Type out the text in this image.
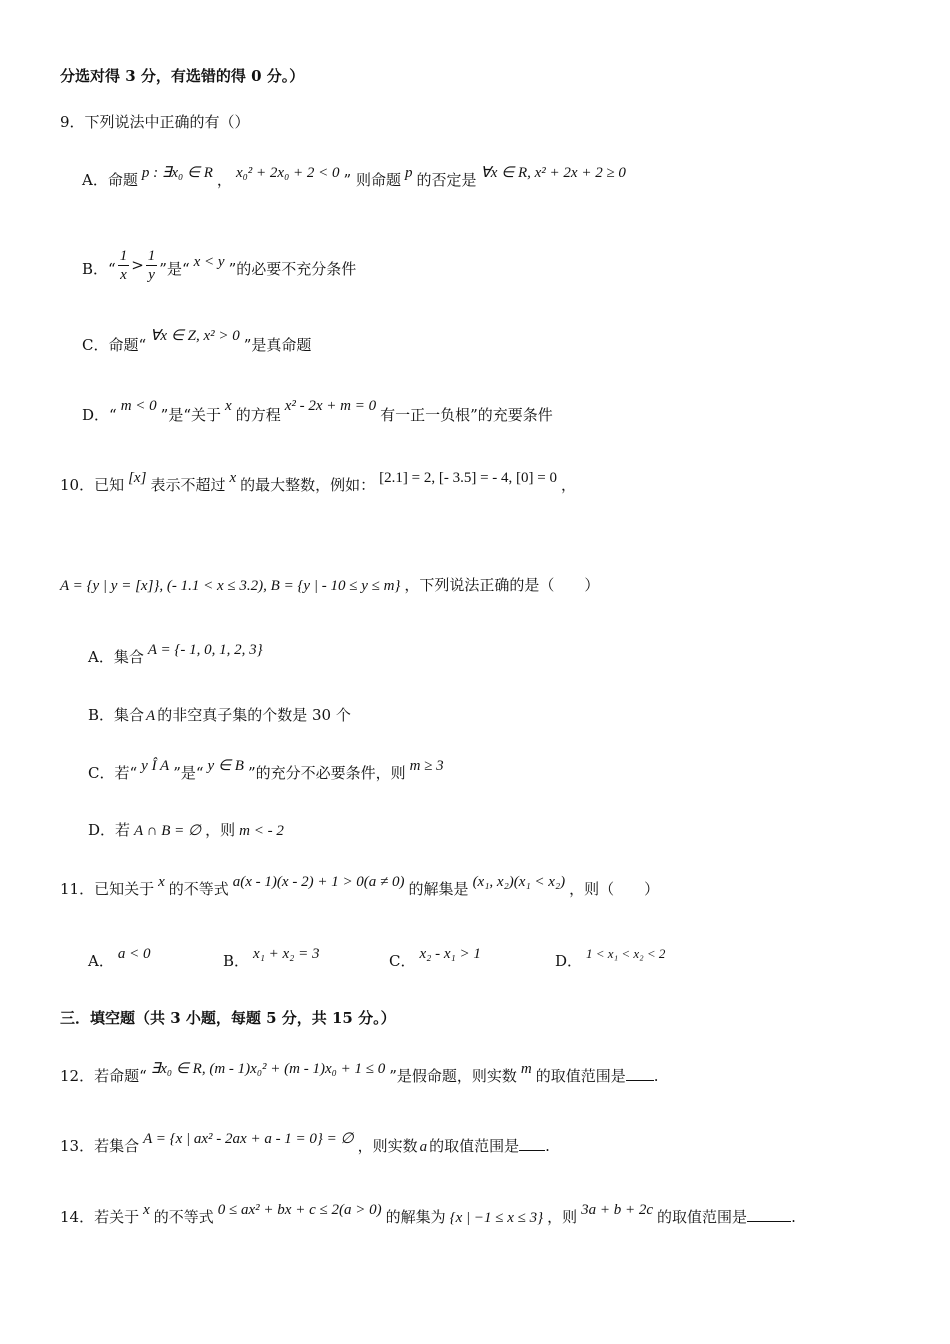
分选对得 3 分，有选错的得 0 分。）
9．下列说法中正确的有（）
A．命题 p : ∃x₀ ∈ R ， x₀² + 2x₀ + 2 < 0 ” 则命题 p 的否定是 ∀x ∈ R, x² + 2x + 2 ≥ 0
B．“ $\frac{1}{x} > \frac{1}{y}$ ”是“ x < y ”的必要不充分条件
C．命题“ ∀x ∈ Z, x² > 0 ”是真命题
D．“ m < 0 ”是“关于 x 的方程 x² - 2x + m = 0 有一正一负根”的充要条件
10．已知 [x] 表示不超过 x 的最大整数，例如： [2.1] = 2, [- 3.5] = - 4, [0] = 0 ，
A = {y | y = [x]}, (- 1.1 < x ≤ 3.2), B = {y | - 10 ≤ y ≤ m} ，下列说法正确的是（　　）
A．集合 A = {- 1, 0, 1, 2, 3}
B．集合 A 的非空真子集的个数是 30 个
C．若“ y Î A ”是“ y ∈ B ”的充分不必要条件，则 m ≥ 3
D．若 A ∩ B = ∅ ，则 m < - 2
11．已知关于 x 的不等式 a(x - 1)(x - 2) + 1 > 0(a ≠ 0) 的解集是 (x₁, x₂)(x₁ < x₂) ，则（　　）
A． a < 0	B． x₁ + x₂ = 3	C． x₂ - x₁ > 1	D． 1 < x₁ < x₂ < 2
三．填空题（共 3 小题，每题 5 分，共 15 分。）
12．若命题“ ∃x₀ ∈ R, (m - 1)x₀² + (m - 1)x₀ + 1 ≤ 0 ”是假命题，则实数 m 的取值范围是 .
13．若集合 A = {x | ax² - 2ax + a - 1 = 0} = ∅ ，则实数 a 的取值范围是 .
14．若关于 x 的不等式 0 ≤ ax² + bx + c ≤ 2(a > 0) 的解集为 {x | −1 ≤ x ≤ 3} ，则 3a + b + 2c 的取值范围是	.
